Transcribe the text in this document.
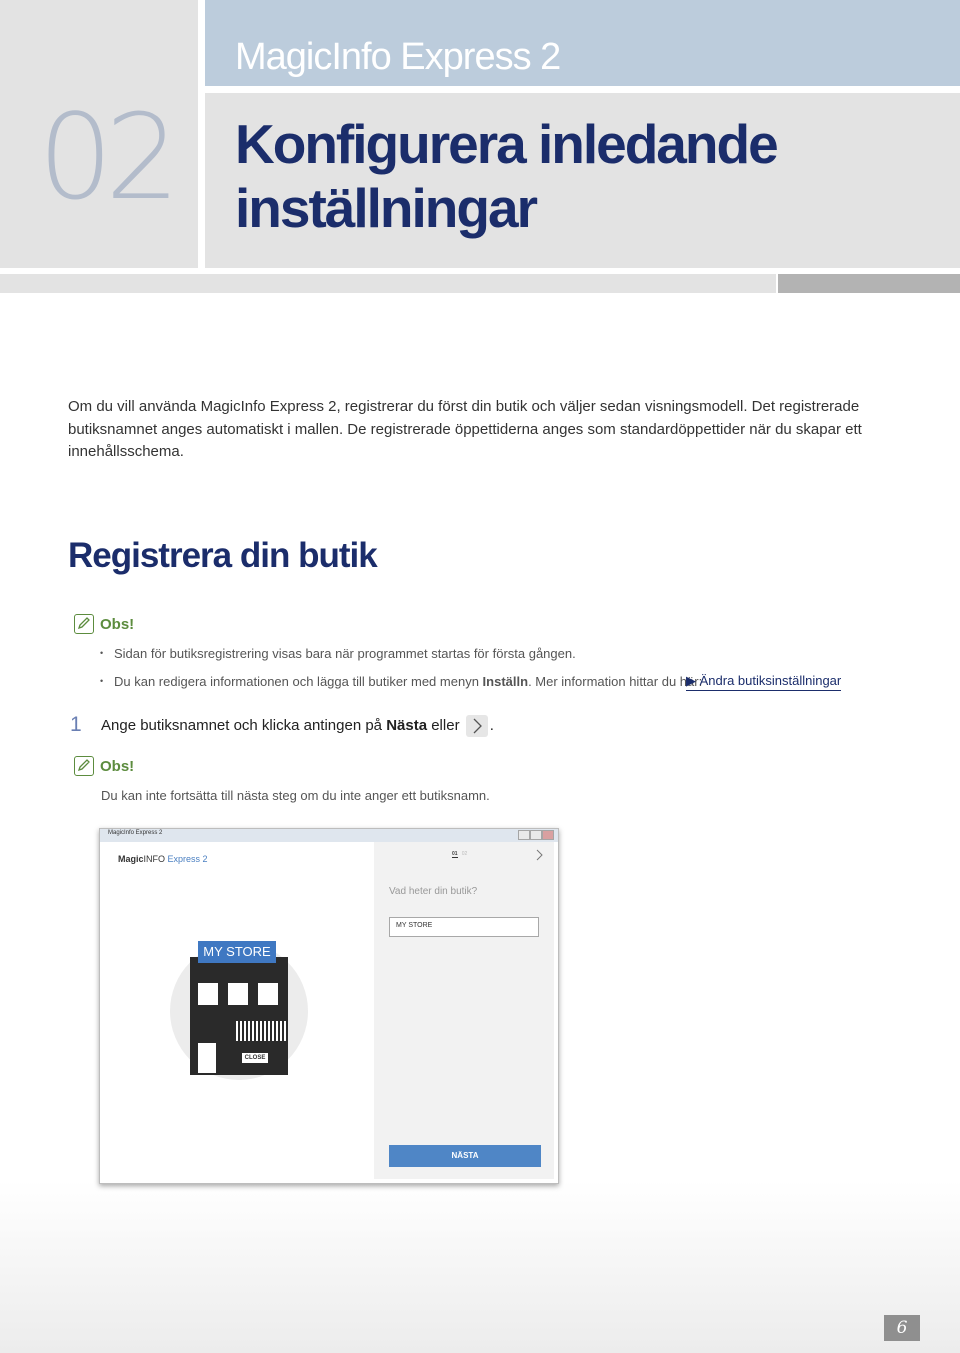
02
MagicInfo Express 2
Konfigurera inledande inställningar
Om du vill använda MagicInfo Express 2, registrerar du först din butik och väljer sedan visningsmodell. Det registrerade butiksnamnet anges automatiskt i mallen. De registrerade öppettiderna anges som standardöppettider när du skapar ett innehållsschema.
Registrera din butik
Obs!
• Sidan för butiksregistrering visas bara när programmet startas för första gången.
• Du kan redigera informationen och lägga till butiker med menyn Inställn. Mer information hittar du här:
▶ Ändra butiksinställningar
1 Ange butiksnamnet och klicka antingen på Nästa eller .
Obs!
Du kan inte fortsätta till nästa steg om du inte anger ett butiksnamn.
MagicInfo Express 2
MagicINFO Express 2	01 02
Vad heter din butik?
MY STORE
NÄSTA
CLOSE
MY STORE
6
